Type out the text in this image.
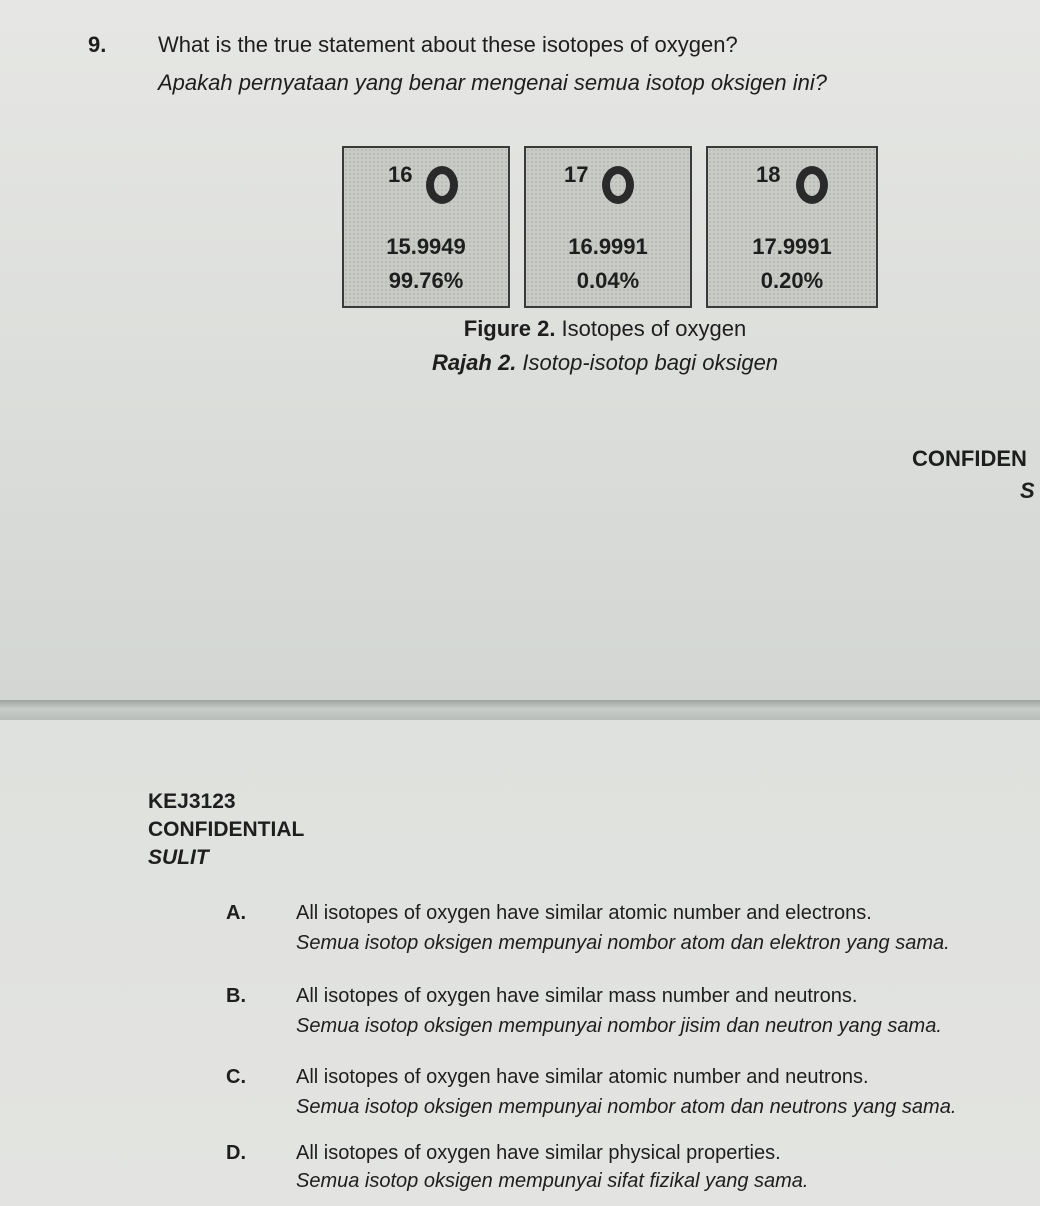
9. What is the true statement about these isotopes of oxygen?
Apakah pernyataan yang benar mengenai semua isotop oksigen ini?
16
15.9949
99.76%
17
16.9991
0.04%
18
17.9991
0.20%
Figure 2. Isotopes of oxygen
Rajah 2. Isotop-isotop bagi oksigen
CONFIDEN
S
KEJ3123
CONFIDENTIAL
SULIT
A.	All isotopes of oxygen have similar atomic number and electrons.
Semua isotop oksigen mempunyai nombor atom dan elektron yang sama.
B.	All isotopes of oxygen have similar mass number and neutrons.
Semua isotop oksigen mempunyai nombor jisim dan neutron yang sama.
C.	All isotopes of oxygen have similar atomic number and neutrons.
Semua isotop oksigen mempunyai nombor atom dan neutrons yang sama.
D.	All isotopes of oxygen have similar physical properties.
Semua isotop oksigen mempunyai sifat fizikal yang sama.
